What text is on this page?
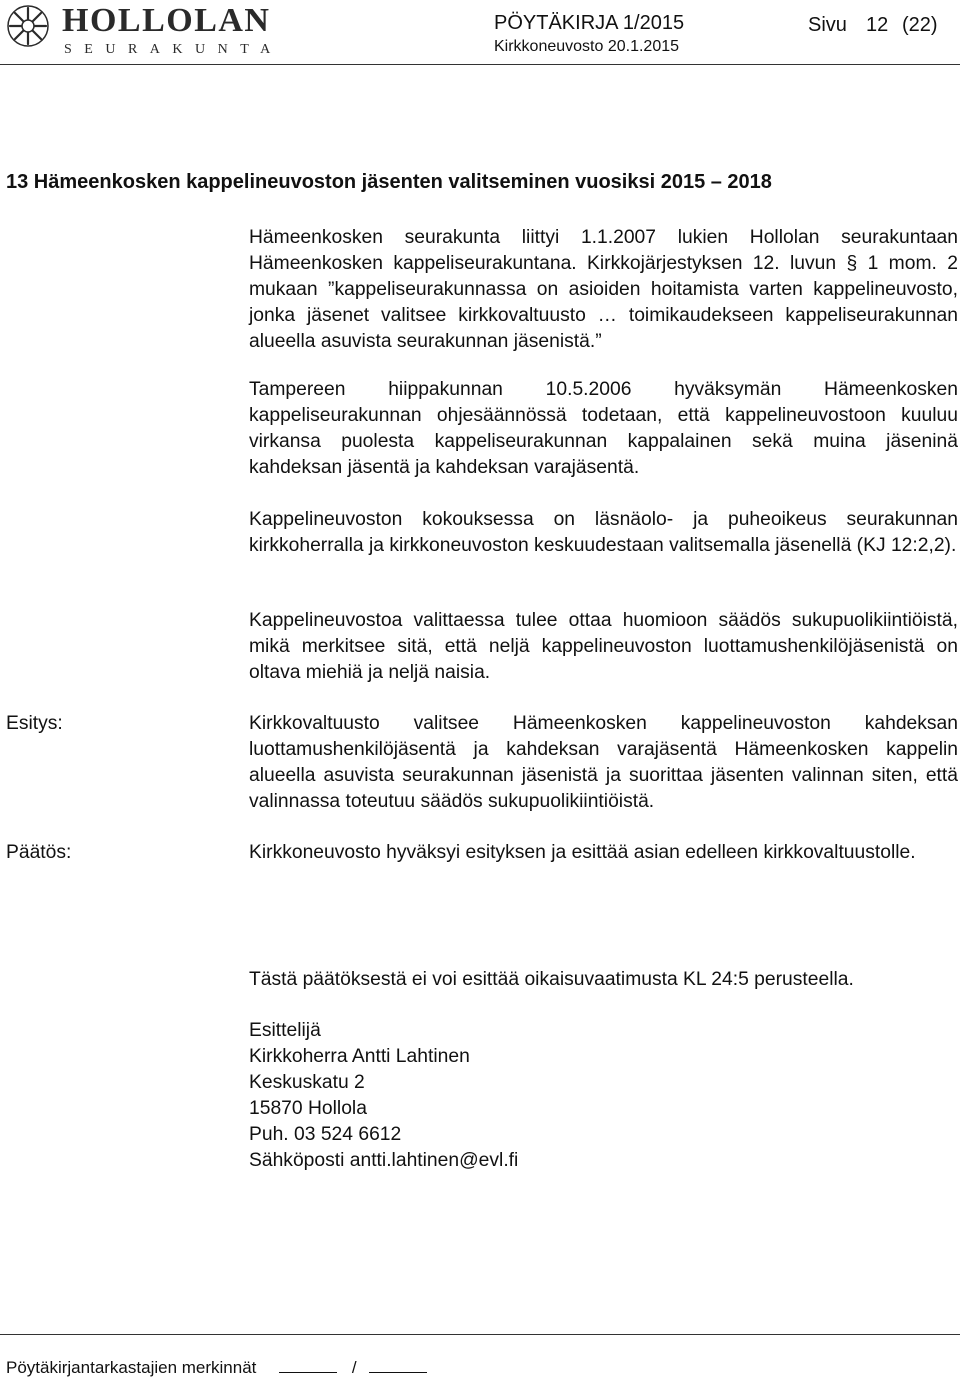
HOLLOLAN
SEURAKUNTA
PÖYTÄKIRJA 1/2015
Kirkkoneuvosto 20.1.2015
Sivu 12 (22)
13 Hämeenkosken kappelineuvoston jäsenten valitseminen vuosiksi 2015 – 2018

Hämeenkosken seurakunta liittyi 1.1.2007 lukien Hollolan seurakuntaan Hämeenkosken kappeliseurakuntana. Kirkkojärjestyksen 12. luvun § 1 mom. 2 mukaan ”kappeliseurakunnassa on asioiden hoitamista varten kappelineuvosto, jonka jäsenet valitsee kirkkovaltuusto … toimikaudekseen kappeliseurakunnan alueella asuvista seurakunnan jäsenistä.”

Tampereen hiippakunnan 10.5.2006 hyväksymän Hämeenkosken kappeliseurakunnan ohjesäännössä todetaan, että kappelineuvostoon kuuluu virkansa puolesta kappeliseurakunnan kappalainen sekä muina jäseninä kahdeksan jäsentä ja kahdeksan varajäsentä.

Kappelineuvoston kokouksessa on läsnäolo- ja puheoikeus seurakunnan kirkkoherralla ja kirkkoneuvoston keskuudestaan valitsemalla jäsenellä (KJ 12:2,2).

Kappelineuvostoa valittaessa tulee ottaa huomioon säädös sukupuolikiintiöistä, mikä merkitsee sitä, että neljä kappelineuvoston luottamushenkilöjäsenistä on oltava miehiä ja neljä naisia.

Esitys:	Kirkkovaltuusto valitsee Hämeenkosken kappelineuvoston kahdeksan luottamushenkilöjäsentä ja kahdeksan varajäsentä Hämeenkosken kappelin alueella asuvista seurakunnan jäsenistä ja suorittaa jäsenten valinnan siten, että valinnassa toteutuu säädös sukupuolikiintiöistä.

Päätös:	Kirkkoneuvosto hyväksyi esityksen ja esittää asian edelleen kirkkovaltuustolle.

Tästä päätöksestä ei voi esittää oikaisuvaatimusta KL 24:5 perusteella.

Esittelijä
Kirkkoherra Antti Lahtinen
Keskuskatu 2
15870 Hollola
Puh. 03 524 6612
Sähköposti antti.lahtinen@evl.fi
Pöytäkirjantarkastajien merkinnät	/
